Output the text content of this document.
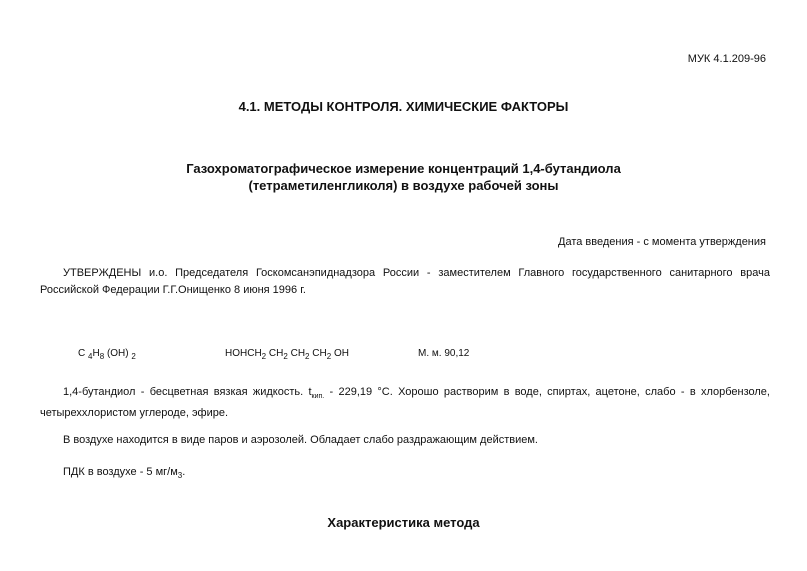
МУК 4.1.209-96
4.1. МЕТОДЫ КОНТРОЛЯ. ХИМИЧЕСКИЕ ФАКТОРЫ
Газохроматографическое измерение концентраций 1,4-бутандиола
(тетраметиленгликоля) в воздухе рабочей зоны
Дата введения - с момента утверждения
УТВЕРЖДЕНЫ и.о. Председателя Госкомсанэпиднадзора России - заместителем Главного государственного санитарного врача Российской Федерации Г.Г.Онищенко 8 июня 1996 г.
C $_4H_8$ (OH) $_2$	$HOHCH_2$ $CH_2$ $CH_2$ $CH_2$ OH	М. м. 90,12
1,4-бутандиол - бесцветная вязкая жидкость. $t_{кип.} - 229,19$ °С. Хорошо растворим в воде, спиртах, ацетоне, слабо - в хлорбензоле, четыреххлористом углероде, эфире.
В воздухе находится в виде паров и аэрозолей. Обладает слабо раздражающим действием.
ПДК в воздухе - 5 $мг/м_3$.
Характеристика метода
